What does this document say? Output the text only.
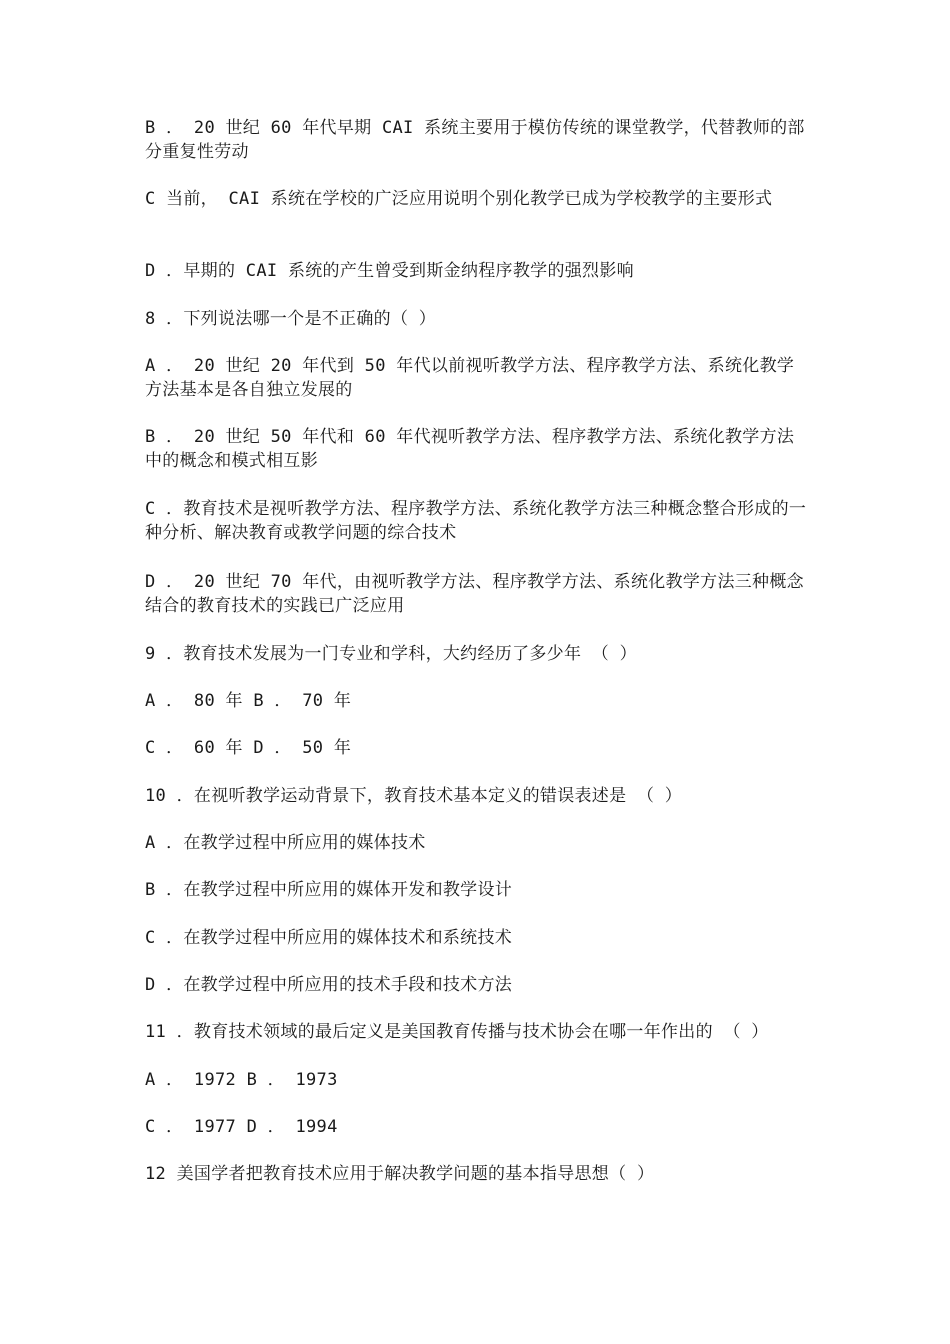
B ． 20 世纪 60 年代早期 CAI 系统主要用于模仿传统的课堂教学，代替教师的部分重复性劳动

C 当前， CAI 系统在学校的广泛应用说明个别化教学已成为学校教学的主要形式

D ．早期的 CAI 系统的产生曾受到斯金纳程序教学的强烈影响

8 ．下列说法哪一个是不正确的（ ）

A ． 20 世纪 20 年代到 50 年代以前视听教学方法、程序教学方法、系统化教学方法基本是各自独立发展的

B ． 20 世纪 50 年代和 60 年代视听教学方法、程序教学方法、系统化教学方法中的概念和模式相互影

C ．教育技术是视听教学方法、程序教学方法、系统化教学方法三种概念整合形成的一种分析、解决教育或教学问题的综合技术

D ． 20 世纪 70 年代，由视听教学方法、程序教学方法、系统化教学方法三种概念结合的教育技术的实践已广泛应用

9 ．教育技术发展为一门专业和学科，大约经历了多少年 （ ）

A ． 80 年 B ． 70 年

C ． 60 年 D ． 50 年

10 ．在视听教学运动背景下，教育技术基本定义的错误表述是 （ ）

A ．在教学过程中所应用的媒体技术

B ．在教学过程中所应用的媒体开发和教学设计

C ．在教学过程中所应用的媒体技术和系统技术

D ．在教学过程中所应用的技术手段和技术方法

11 ．教育技术领域的最后定义是美国教育传播与技术协会在哪一年作出的 （ ）

A ． 1972 B ． 1973

C ． 1977 D ． 1994

12 美国学者把教育技术应用于解决教学问题的基本指导思想（ ）
